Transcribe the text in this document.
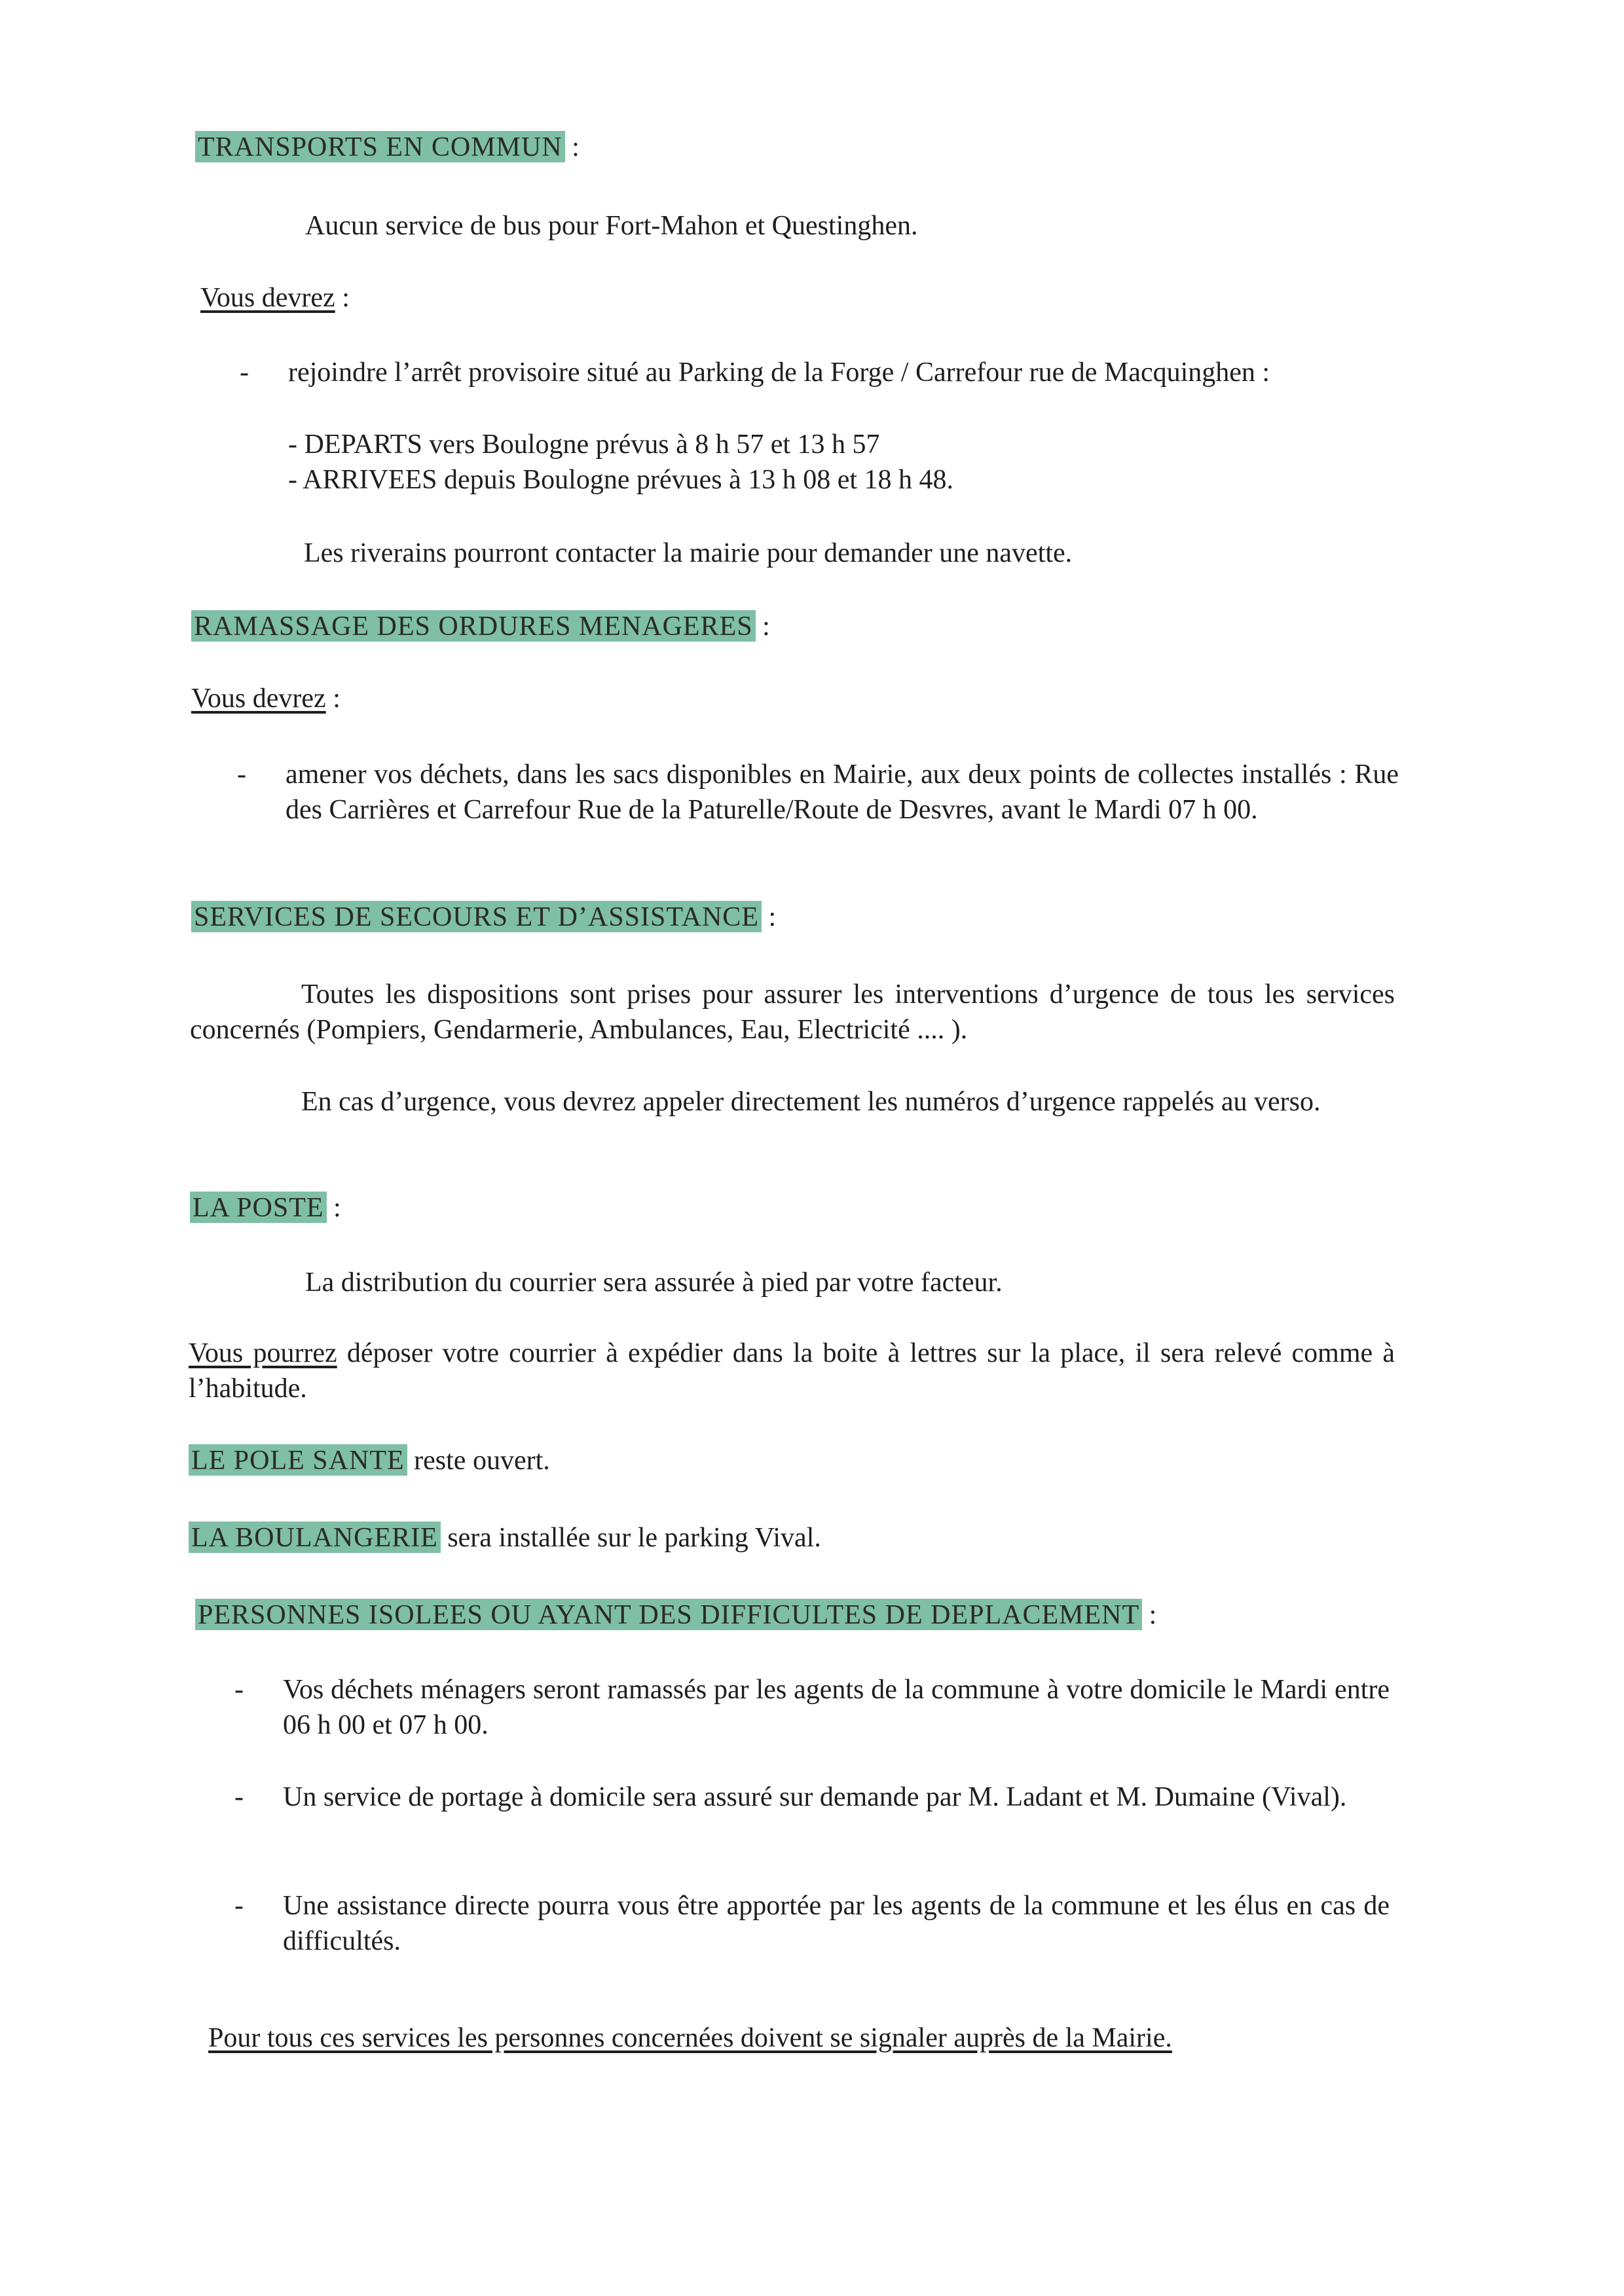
TRANSPORTS EN COMMUN :
Aucun service de bus pour Fort-Mahon et Questinghen.
Vous devrez :
- rejoindre l’arrêt provisoire situé au Parking de la Forge / Carrefour rue de Macquinghen :
- DEPARTS vers Boulogne prévus à 8 h 57 et 13 h 57
- ARRIVEES depuis Boulogne prévues à 13 h 08 et 18 h 48.
Les riverains pourront contacter la mairie pour demander une navette.
RAMASSAGE DES ORDURES MENAGERES :
Vous devrez :
- amener vos déchets, dans les sacs disponibles en Mairie, aux deux points de collectes installés : Rue des Carrières et Carrefour Rue de la Paturelle/Route de Desvres, avant le Mardi 07 h 00.
SERVICES DE SECOURS ET D’ASSISTANCE :
Toutes les dispositions sont prises pour assurer les interventions d’urgence de tous les services concernés (Pompiers, Gendarmerie, Ambulances, Eau, Electricité .... ).
En cas d’urgence, vous devrez appeler directement les numéros d’urgence rappelés au verso.
LA POSTE :
La distribution du courrier sera assurée à pied par votre facteur.
Vous pourrez déposer votre courrier à expédier dans la boite à lettres sur la place, il sera relevé comme à l’habitude.
LE POLE SANTE reste ouvert.
LA BOULANGERIE sera installée sur le parking Vival.
PERSONNES ISOLEES OU AYANT DES DIFFICULTES DE DEPLACEMENT :
- Vos déchets ménagers seront ramassés par les agents de la commune à votre domicile le Mardi entre 06 h 00 et 07 h 00.
- Un service de portage à domicile sera assuré sur demande par M. Ladant et M. Dumaine (Vival).
- Une assistance directe pourra vous être apportée par les agents de la commune et les élus en cas de difficultés.
Pour tous ces services les personnes concernées doivent se signaler auprès de la Mairie.
